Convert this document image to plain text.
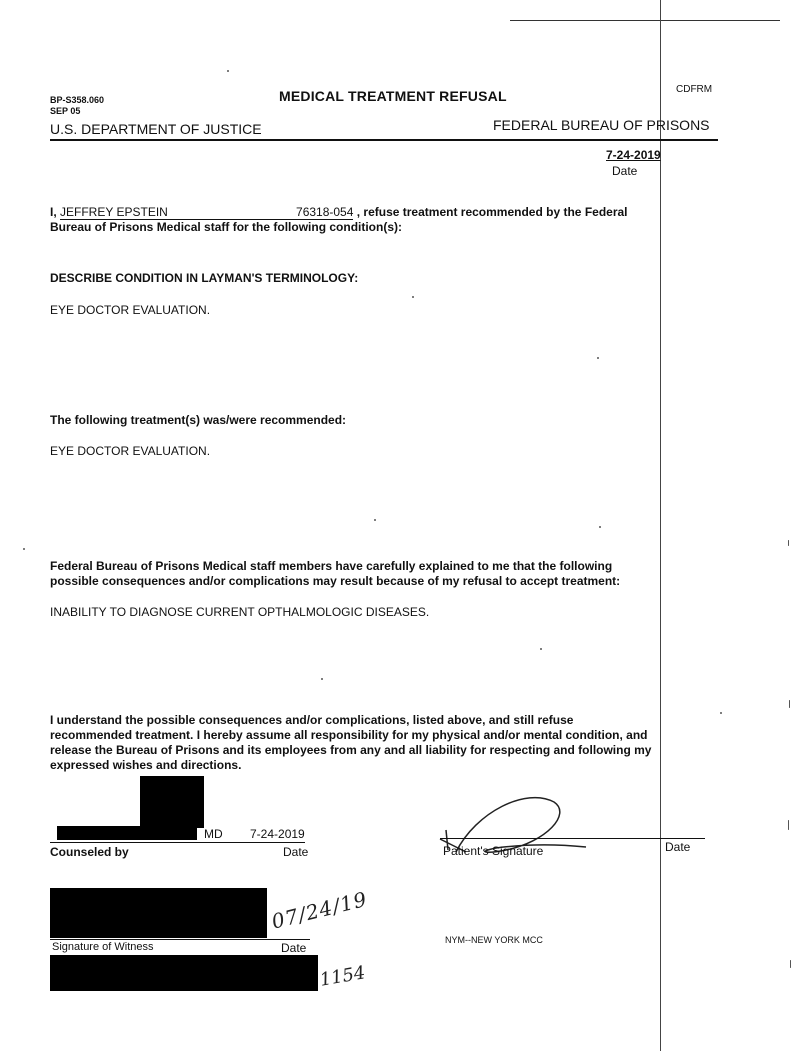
BP-S358.060
SEP 05
MEDICAL TREATMENT REFUSAL	CDFRM
U.S. DEPARTMENT OF JUSTICE	FEDERAL BUREAU OF PRISONS
7-24-2019
Date
I, JEFFREY EPSTEIN	76318-054 , refuse treatment recommended by the Federal
Bureau of Prisons Medical staff for the following condition(s):
DESCRIBE CONDITION IN LAYMAN'S TERMINOLOGY:
EYE DOCTOR EVALUATION.
The following treatment(s) was/were recommended:
EYE DOCTOR EVALUATION.
Federal Bureau of Prisons Medical staff members have carefully explained to me that the following
possible consequences and/or complications may result because of my refusal to accept treatment:
INABILITY TO DIAGNOSE CURRENT OPTHALMOLOGIC DISEASES.
I understand the possible consequences and/or complications, listed above, and still refuse
recommended treatment. I hereby assume all responsibility for my physical and/or mental condition, and
release the Bureau of Prisons and its employees from any and all liability for respecting and following my
expressed wishes and directions.
MD 7-24-2019
Counseled by	Date	Patient's Signature	Date
07/24/19
Signature of Witness	Date
NYM--NEW YORK MCC
1154
